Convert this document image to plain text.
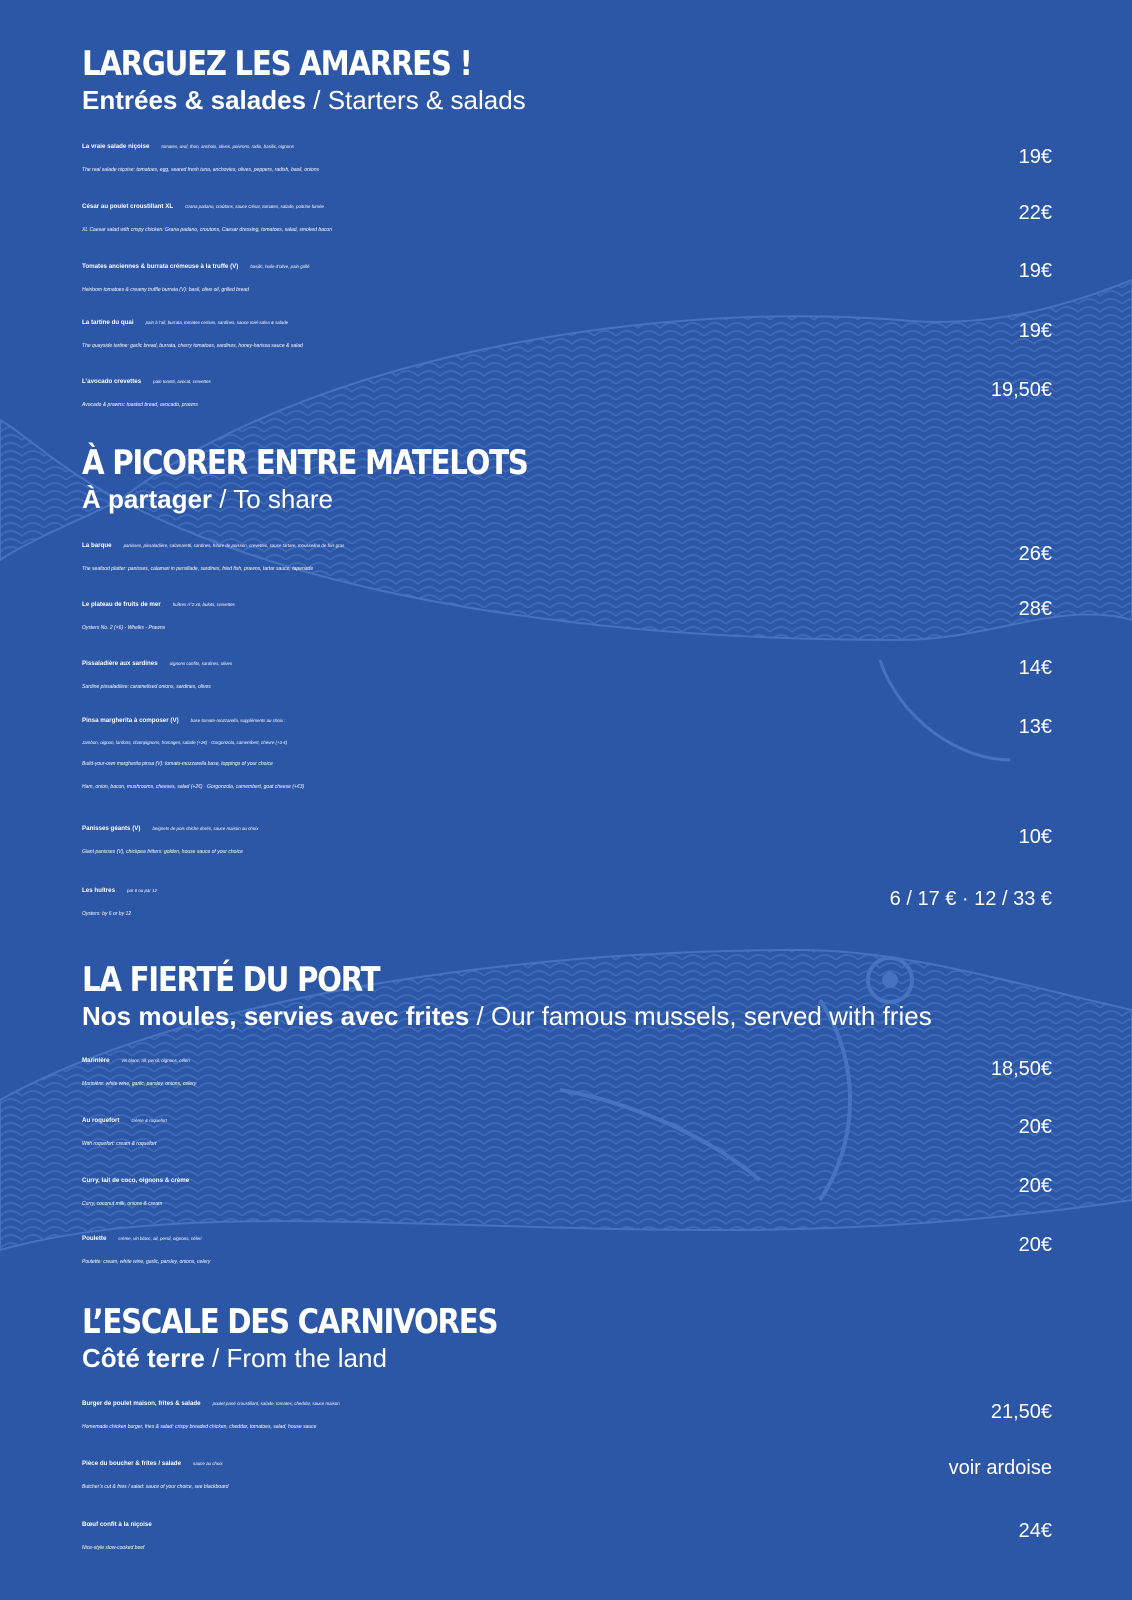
LARGUEZ LES AMARRES !
Entrées & salades / Starters & salads
La vraie salade niçoise	tomates, œuf, thon, anchois, olives, poivrons, radis, basilic, oignons
The real salade niçoise: tomatoes, egg, seared fresh tuna, anchovies, olives, peppers, radish, basil, onions
19€
César au poulet croustillant XL	Grana padano, croûtons, sauce César, tomates, salade, poitrine fumée
XL Caesar salad with crispy chicken: Grana padano, croutons, Caesar dressing, tomatoes, salad, smoked bacon
22€
Tomates anciennes & burrata crémeuse à la truffe (V)	basilic, huile d’olive, pain grillé
Heirloom tomatoes & creamy truffle burrata (V): basil, olive oil, grilled bread
19€
La tartine du quai	pain à l’ail, burrata, tomates cerises, sardines, sauce miel-salsa & salade
The quayside tartine: garlic bread, burrata, cherry tomatoes, sardines, honey-harissa sauce & salad
19€
L’avocado crevettes	pain toasté, avocat, crevettes
Avocado & prawns: toasted bread, avocado, prawns
19,50€
À PICORER ENTRE MATELOTS
À partager / To share
La barque	panisses, pissaladière, calamaretti, sardines, friture de poisson, crevettes, sauce tartare, mousseline de fois gras
The seafood platter: panisses, calamari in persillade, sardines, fried fish, prawns, tartar sauce, tapenade
26€
Le plateau de fruits de mer	huîtres n°2 x6, bulots, crevettes
Oysters No. 2 (×6) - Whelks - Prawns
28€
Pissaladière aux sardines	oignons confits, sardines, olives
Sardine pissaladière: caramelised onions, sardines, olives
14€
Pinsa margherita à composer (V)	base tomate-mozzarella, suppléments au choix :
Jambon, oignon, lardons, champignons, fromages, salade (+2€) · Gorgonzola, camembert, chèvre (+3 €)
Build-your-own margherita pinsa (V): tomato-mozzarella base, toppings of your choice
Ham, onion, bacon, mushrooms, cheeses, salad (+2€) · Gorgonzola, camembert, goat cheese (+€3)
13€
Panisses géants (V)	beignets de pois chiche dorés, sauce maison au choix
Giant panisses (V), chickpea fritters: golden, house sauce of your choice
10€
Les huîtres	par 6 ou par 12
Oysters: by 6 or by 12
6 / 17 € · 12 / 33 €
LA FIERTÉ DU PORT
Nos moules, servies avec frites / Our famous mussels, served with fries
Marinière	vin blanc, ail, persil, oignons, céleri
Marinière: white wine, garlic, parsley, onions, celery
18,50€
Au roquefort	crème & roquefort
With roquefort: cream & roquefort
20€
Curry, lait de coco, oignons & crème
Curry, coconut milk, onions & cream
20€
Poulette	crème, vin blanc, ail, persil, oignons, céleri
Poulette: cream, white wine, garlic, parsley, onions, celery
20€
L’ESCALE DES CARNIVORES
Côté terre / From the land
Burger de poulet maison, frites & salade	poulet pané croustillant, salade, tomates, cheddar, sauce maison
Homemade chicken burger, fries & salad: crispy breaded chicken, cheddar, tomatoes, salad, house sauce
21,50€
Pièce du boucher & frites / salade	sauce au choix
Butcher’s cut & fries / salad: sauce of your choice, see blackboard
voir ardoise
Bœuf confit à la niçoise
Nice-style slow-cooked beef
24€
